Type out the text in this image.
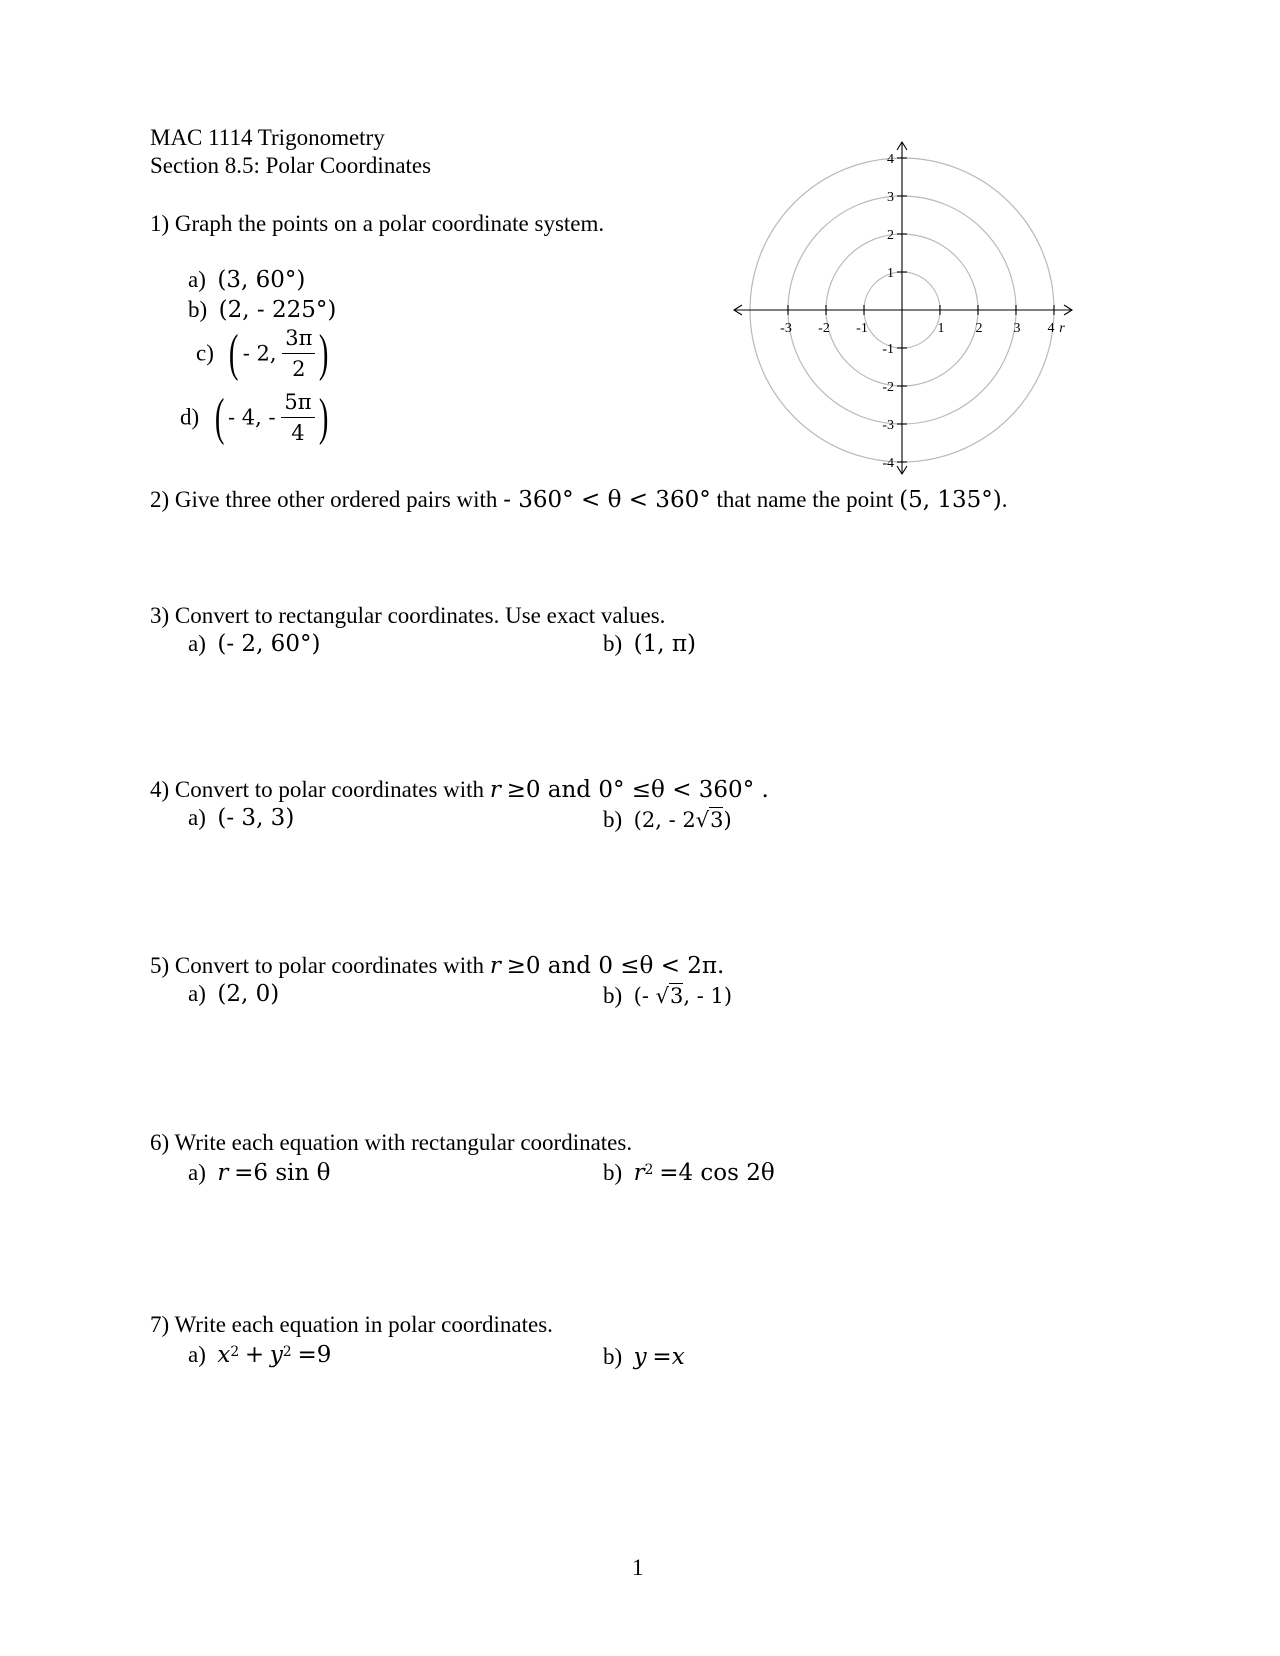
MAC 1114 Trigonometry
Section 8.5: Polar Coordinates
1) Graph the points on a polar coordinate system.
a) (3, 60°)
b) (2, - 225°)
c) ( - 2, $\frac{3\pi}{2}$ )
d) ( - 4, - $\frac{5\pi}{4}$ )
-3 -2 -1	1 2 3 4 r
4
3
2
1
-1
-2
-3
-4
2) Give three other ordered pairs with - 360° < θ < 360° that name the point (5, 135°).
3) Convert to rectangular coordinates. Use exact values.
a) (- 2, 60°)	b) (1, π)
4) Convert to polar coordinates with r ≥0 and 0° ≤θ < 360° .
a) (- 3, 3)	b) (2, - 2√3)
5) Convert to polar coordinates with r ≥0 and 0 ≤θ < 2π.
a) (2, 0)	b) (- √3, - 1)
6) Write each equation with rectangular coordinates.
a) r =6 sin θ	b) $r^2 =4$ cos 2θ
7) Write each equation in polar coordinates.
a) $x^2 + y^2 =9$	b) y =x
1
